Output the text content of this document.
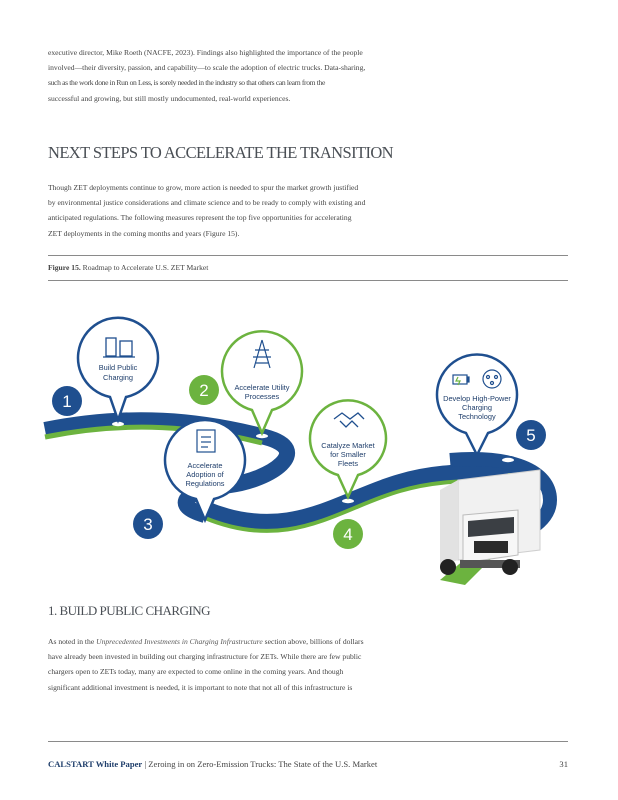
executive director, Mike Roeth (NACFE, 2023). Findings also highlighted the importance of the people
involved—their diversity, passion, and capability—to scale the adoption of electric trucks. Data-sharing,
such as the work done in Run on Less, is sorely needed in the industry so that others can learn from the
successful and growing, but still mostly undocumented, real-world experiences.
NEXT STEPS TO ACCELERATE THE TRANSITION
Though ZET deployments continue to grow, more action is needed to spur the market growth justified
by environmental justice considerations and climate science and to be ready to comply with existing and
anticipated regulations. The following measures represent the top five opportunities for accelerating
ZET deployments in the coming months and years (Figure 15).
Figure 15. Roadmap to Accelerate U.S. ZET Market
Build Public
Charging
1
Accelerate Utility
Processes
2
Accelerate
Adoption of
Regulations
3
Catalyze Market
for Smaller
Fleets
4
Develop High-Power
Charging
Technology
5
1. BUILD PUBLIC CHARGING
As noted in the Unprecedented Investments in Charging Infrastructure section above, billions of dollars
have already been invested in building out charging infrastructure for ZETs. While there are few public
chargers open to ZETs today, many are expected to come online in the coming years. And though
significant additional investment is needed, it is important to note that not all of this infrastructure is
CALSTART White Paper | Zeroing in on Zero-Emission Trucks: The State of the U.S. Market	31
